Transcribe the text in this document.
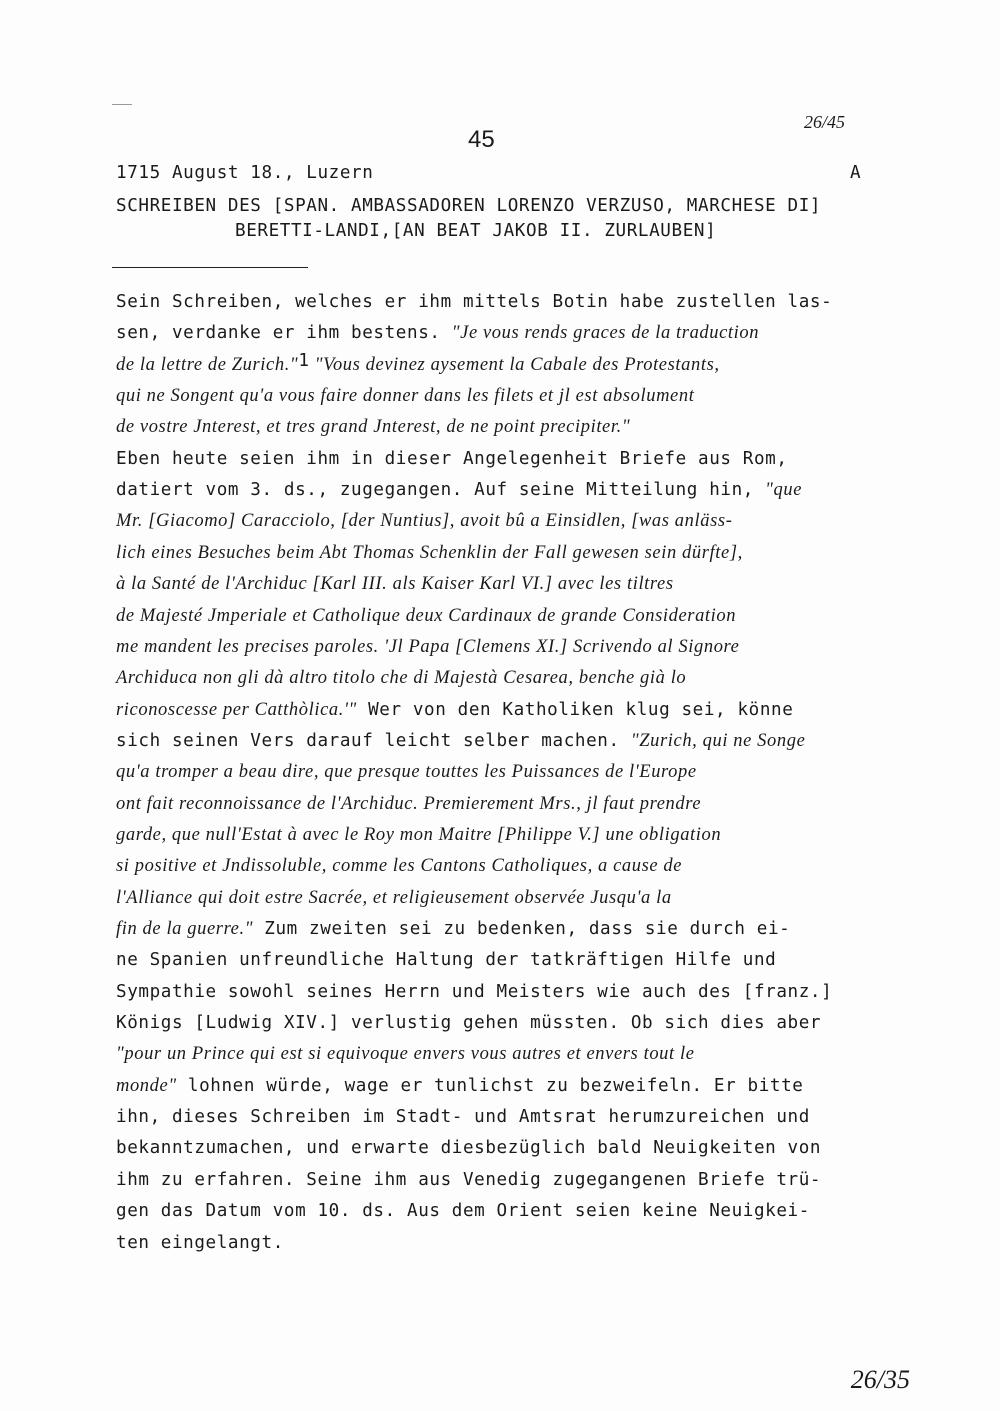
26/45
45
1715 August 18., Luzern	A
SCHREIBEN DES [SPAN. AMBASSADOREN LORENZO VERZUSO, MARCHESE DI]
BERETTI-LANDI,[AN BEAT JAKOB II. ZURLAUBEN]
Sein Schreiben, welches er ihm mittels Botin habe zustellen las-
sen, verdanke er ihm bestens. "Je vous rends graces de la traduction
de la lettre de Zurich."$^1$ "Vous devinez aysement la Cabale des Protestants,
qui ne Songent qu'a vous faire donner dans les filets et jl est absolument
de vostre Jnterest, et tres grand Jnterest, de ne point precipiter."
Eben heute seien ihm in dieser Angelegenheit Briefe aus Rom,
datiert vom 3. ds., zugegangen. Auf seine Mitteilung hin, "que
Mr. [Giacomo] Caracciolo, [der Nuntius], avoit bû a Einsidlen, [was anläss-
lich eines Besuches beim Abt Thomas Schenklin der Fall gewesen sein dürfte],
à la Santé de l'Archiduc [Karl III. als Kaiser Karl VI.] avec les tiltres
de Majesté Jmperiale et Catholique deux Cardinaux de grande Consideration
me mandent les precises paroles. 'Jl Papa [Clemens XI.] Scrivendo al Signore
Archiduca non gli dà altro titolo che di Majestà Cesarea, benche già lo
riconoscesse per Catthòlica.'" Wer von den Katholiken klug sei, könne
sich seinen Vers darauf leicht selber machen. "Zurich, qui ne Songe
qu'a tromper a beau dire, que presque touttes les Puissances de l'Europe
ont fait reconnoissance de l'Archiduc. Premierement Mrs., jl faut prendre
garde, que null'Estat à avec le Roy mon Maitre [Philippe V.] une obligation
si positive et Jndissoluble, comme les Cantons Catholiques, a cause de
l'Alliance qui doit estre Sacrée, et religieusement observée Jusqu'a la
fin de la guerre." Zum zweiten sei zu bedenken, dass sie durch ei-
ne Spanien unfreundliche Haltung der tatkräftigen Hilfe und
Sympathie sowohl seines Herrn und Meisters wie auch des [franz.]
Königs [Ludwig XIV.] verlustig gehen müssten. Ob sich dies aber
"pour un Prince qui est si equivoque envers vous autres et envers tout le
monde" lohnen würde, wage er tunlichst zu bezweifeln. Er bitte
ihn, dieses Schreiben im Stadt- und Amtsrat herumzureichen und
bekanntzumachen, und erwarte diesbezüglich bald Neuigkeiten von
ihm zu erfahren. Seine ihm aus Venedig zugegangenen Briefe trü-
gen das Datum vom 10. ds. Aus dem Orient seien keine Neuigkei-
ten eingelangt.
26/35
